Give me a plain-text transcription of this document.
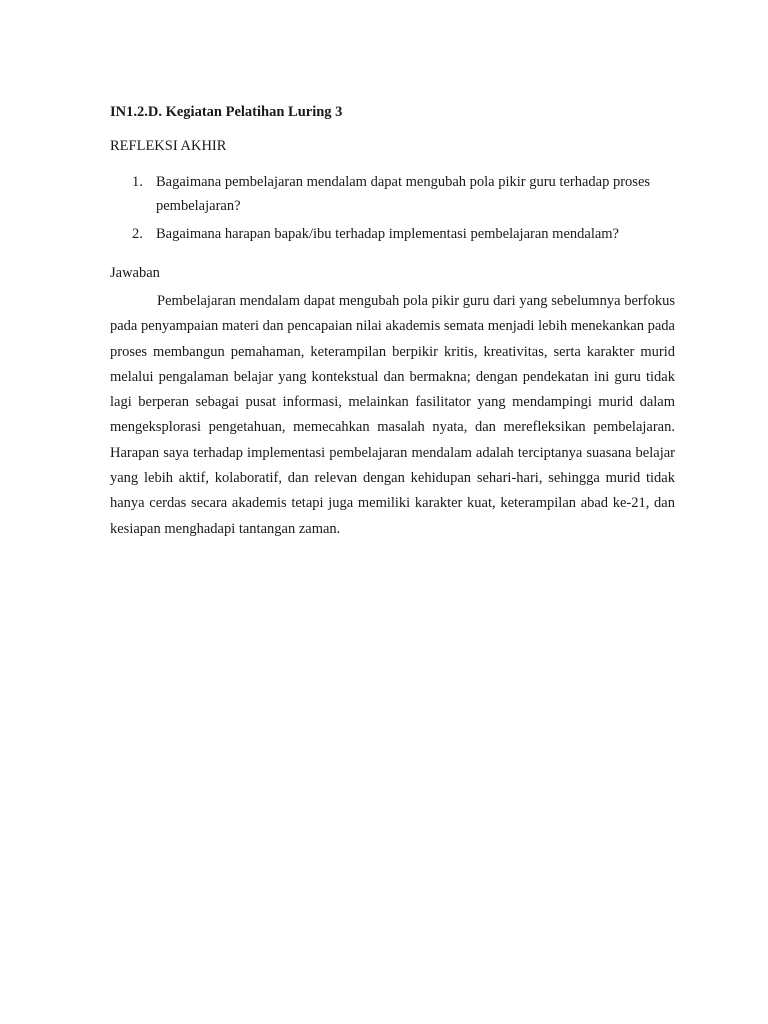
IN1.2.D. Kegiatan Pelatihan Luring 3

REFLEKSI AKHIR

1. Bagaimana pembelajaran mendalam dapat mengubah pola pikir guru terhadap proses pembelajaran?
2. Bagaimana harapan bapak/ibu terhadap implementasi pembelajaran mendalam?

Jawaban

Pembelajaran mendalam dapat mengubah pola pikir guru dari yang sebelumnya berfokus pada penyampaian materi dan pencapaian nilai akademis semata menjadi lebih menekankan pada proses membangun pemahaman, keterampilan berpikir kritis, kreativitas, serta karakter murid melalui pengalaman belajar yang kontekstual dan bermakna; dengan pendekatan ini guru tidak lagi berperan sebagai pusat informasi, melainkan fasilitator yang mendampingi murid dalam mengeksplorasi pengetahuan, memecahkan masalah nyata, dan merefleksikan pembelajaran. Harapan saya terhadap implementasi pembelajaran mendalam adalah terciptanya suasana belajar yang lebih aktif, kolaboratif, dan relevan dengan kehidupan sehari-hari, sehingga murid tidak hanya cerdas secara akademis tetapi juga memiliki karakter kuat, keterampilan abad ke-21, dan kesiapan menghadapi tantangan zaman.
